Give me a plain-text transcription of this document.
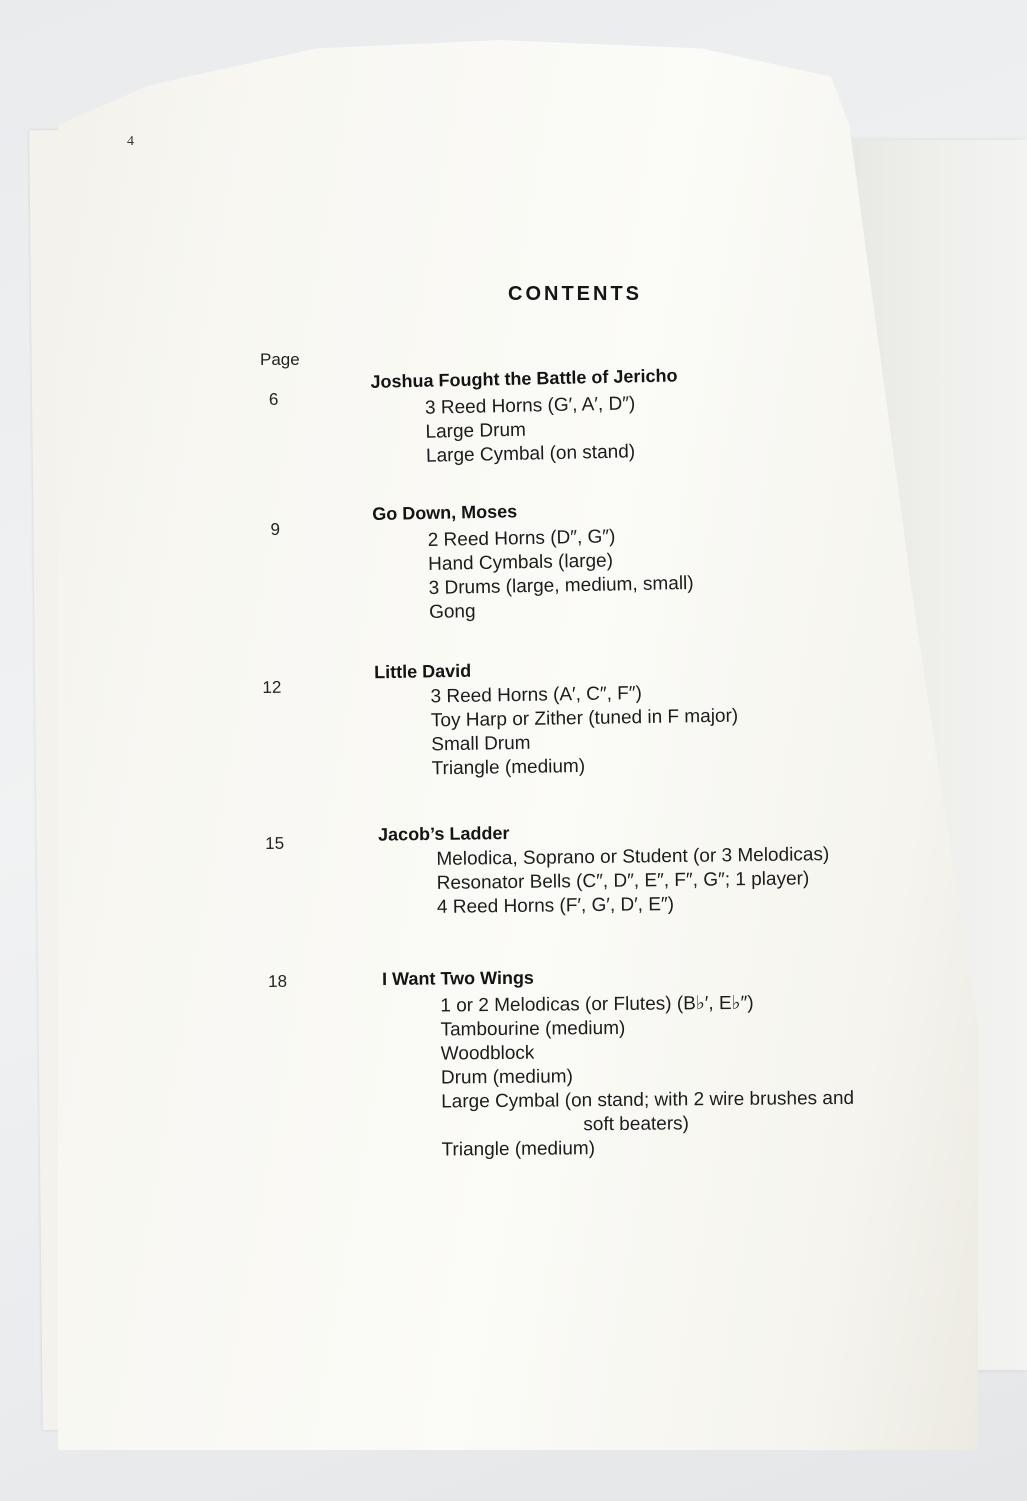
4
CONTENTS
Page
6
Joshua Fought the Battle of Jericho
3 Reed Horns (G′, A′, D″)
Large Drum
Large Cymbal (on stand)
9
Go Down, Moses
2 Reed Horns (D″, G″)
Hand Cymbals (large)
3 Drums (large, medium, small)
Gong
12
Little David
3 Reed Horns (A′, C″, F″)
Toy Harp or Zither (tuned in F major)
Small Drum
Triangle (medium)
15	Jacob’s Ladder
Melodica, Soprano or Student (or 3 Melodicas)
Resonator Bells (C″, D″, E″, F″, G″; 1 player)
4 Reed Horns (F′, G′, D′, E″)
18	I Want Two Wings
1 or 2 Melodicas (or Flutes) (B♭′, E♭″)
Tambourine (medium)
Woodblock
Drum (medium)
Large Cymbal (on stand; with 2 wire brushes and
soft beaters)
Triangle (medium)
